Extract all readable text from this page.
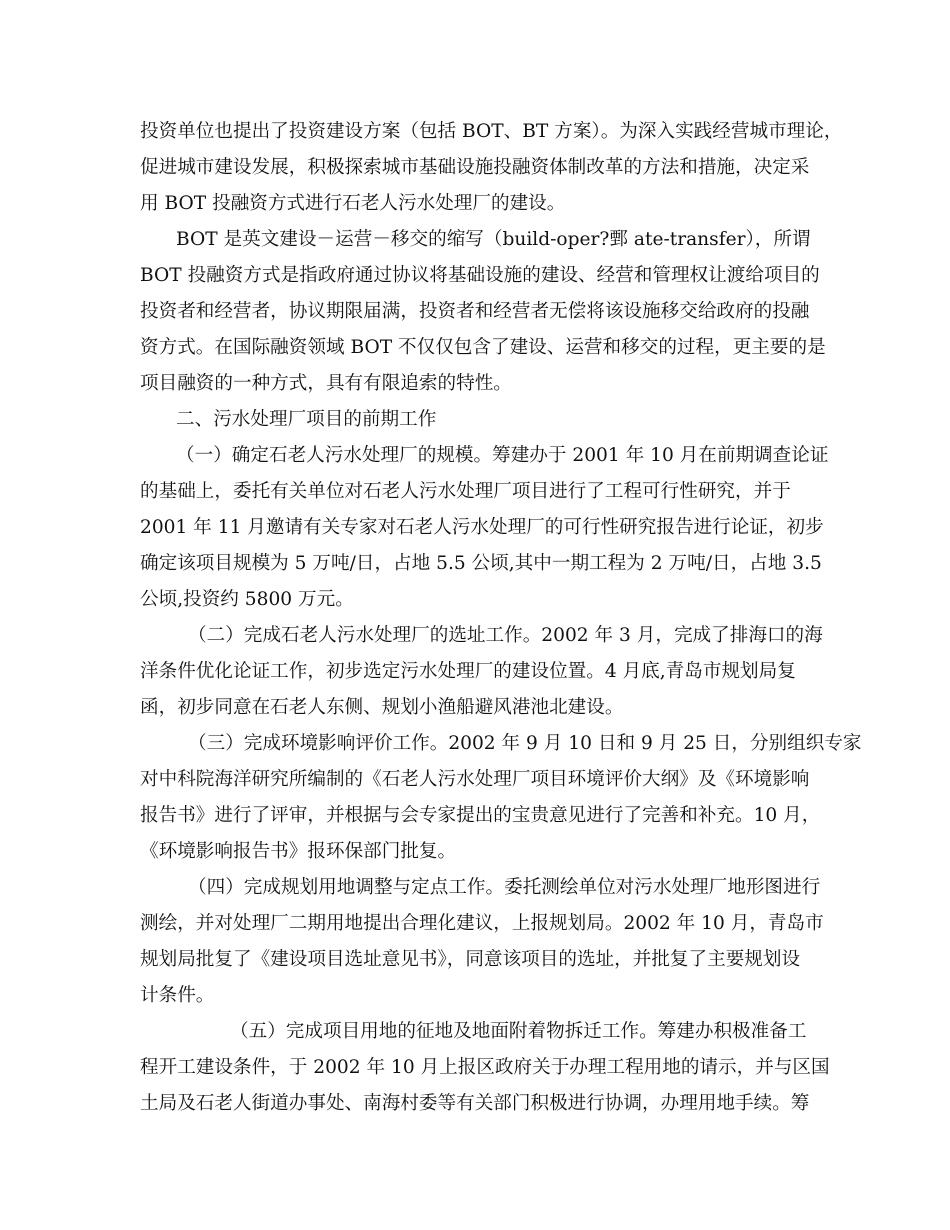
投资单位也提出了投资建设方案（包括 BOT、BT 方案）。为深入实践经营城市理论，
促进城市建设发展，积极探索城市基础设施投融资体制改革的方法和措施，决定采
用 BOT 投融资方式进行石老人污水处理厂的建设。
BOT 是英文建设－运营－移交的缩写（build-oper?鄄 ate-transfer），所谓
BOT 投融资方式是指政府通过协议将基础设施的建设、经营和管理权让渡给项目的
投资者和经营者，协议期限届满，投资者和经营者无偿将该设施移交给政府的投融
资方式。在国际融资领域 BOT 不仅仅包含了建设、运营和移交的过程，更主要的是
项目融资的一种方式，具有有限追索的特性。
二、污水处理厂项目的前期工作
（一）确定石老人污水处理厂的规模。筹建办于 2001 年 10 月在前期调查论证
的基础上，委托有关单位对石老人污水处理厂项目进行了工程可行性研究，并于
2001 年 11 月邀请有关专家对石老人污水处理厂的可行性研究报告进行论证，初步
确定该项目规模为 5 万吨/日，占地 5.5 公顷,其中一期工程为 2 万吨/日，占地 3.5
公顷,投资约 5800 万元。
（二）完成石老人污水处理厂的选址工作。2002 年 3 月，完成了排海口的海
洋条件优化论证工作，初步选定污水处理厂的建设位置。4 月底,青岛市规划局复
函，初步同意在石老人东侧、规划小渔船避风港池北建设。
（三）完成环境影响评价工作。2002 年 9 月 10 日和 9 月 25 日，分别组织专家
对中科院海洋研究所编制的《石老人污水处理厂项目环境评价大纲》及《环境影响
报告书》进行了评审，并根据与会专家提出的宝贵意见进行了完善和补充。10 月，
《环境影响报告书》报环保部门批复。
（四）完成规划用地调整与定点工作。委托测绘单位对污水处理厂地形图进行
测绘，并对处理厂二期用地提出合理化建议，上报规划局。2002 年 10 月，青岛市
规划局批复了《建设项目选址意见书》，同意该项目的选址，并批复了主要规划设
计条件。
（五）完成项目用地的征地及地面附着物拆迁工作。筹建办积极准备工
程开工建设条件，于 2002 年 10 月上报区政府关于办理工程用地的请示，并与区国
土局及石老人街道办事处、南海村委等有关部门积极进行协调，办理用地手续。筹
